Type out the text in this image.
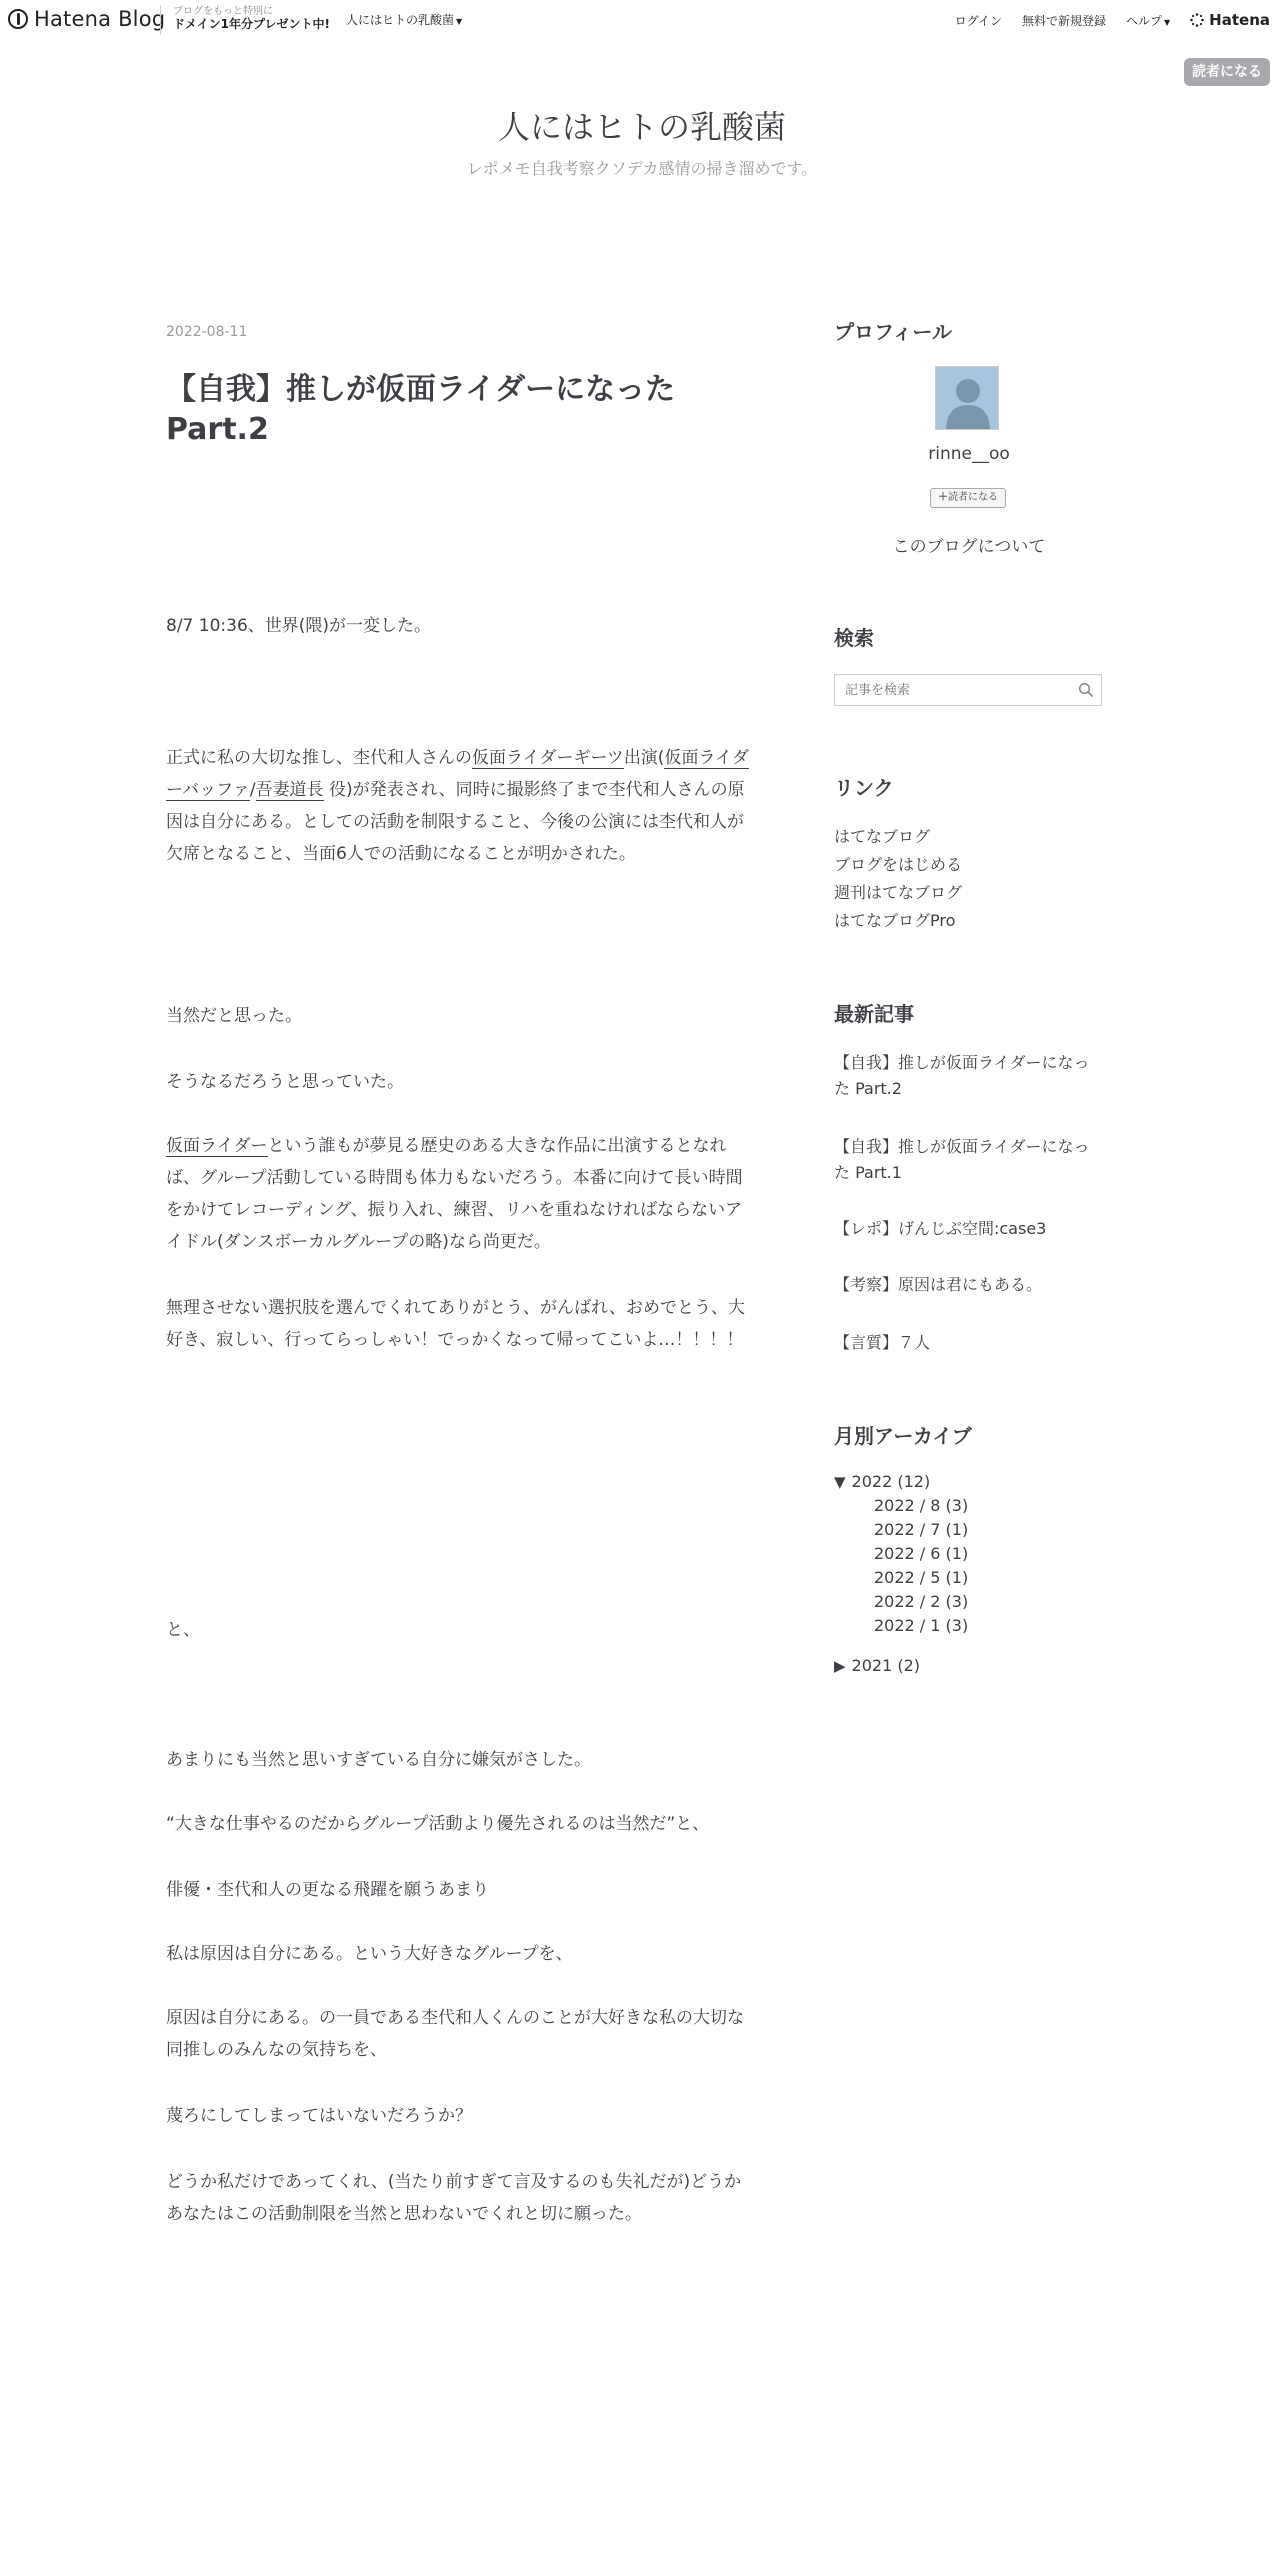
Hatena Blog ブログをもっと特別に
ドメイン1年分プレゼント中! 人にはヒトの乳酸菌 ▼	ログイン 無料で新規登録 ヘルプ ▼	Hatena
読者になる
人にはヒトの乳酸菌
レポメモ自我考察クソデカ感情の掃き溜めです。
2022-08-11
【自我】推しが仮面ライダーになったPart.2
8/7 10:36、世界(隈)が一変した。
正式に私の大切な推し、杢代和人さんの仮面ライダーギーツ出演(仮面ライダーバッファ/吾妻道長 役)が発表され、同時に撮影終了まで杢代和人さんの原因は自分にある。としての活動を制限すること、今後の公演には杢代和人が欠席となること、当面6人での活動になることが明かされた。
当然だと思った。
そうなるだろうと思っていた。
仮面ライダーという誰もが夢見る歴史のある大きな作品に出演するとなれば、グループ活動している時間も体力もないだろう。本番に向けて長い時間をかけてレコーディング、振り入れ、練習、リハを重ねなければならないアイドル(ダンスボーカルグループの略)なら尚更だ。
無理させない選択肢を選んでくれてありがとう、がんばれ、おめでとう、大好き、寂しい、行ってらっしゃい！でっかくなって帰ってこいよ…！！！！
と、
あまりにも当然と思いすぎている自分に嫌気がさした。
“大きな仕事やるのだからグループ活動より優先されるのは当然だ”と、
俳優・杢代和人の更なる飛躍を願うあまり
私は原因は自分にある。という大好きなグループを、
原因は自分にある。の一員である杢代和人くんのことが大好きな私の大切な同推しのみんなの気持ちを、
蔑ろにしてしまってはいないだろうか？
どうか私だけであってくれ、(当たり前すぎて言及するのも失礼だが)どうかあなたはこの活動制限を当然と思わないでくれと切に願った。
プロフィール
rinne__oo
＋読者になる
このブログについて
検索
記事を検索
リンク
はてなブログ
ブログをはじめる
週刊はてなブログ
はてなブログPro
最新記事
【自我】推しが仮面ライダーになった Part.2
【自我】推しが仮面ライダーになった Part.1
【レポ】げんじぶ空間:case3
【考察】原因は君にもある。
【言質】７人
月別アーカイブ
▼ 2022 (12)
2022 / 8 (3)
2022 / 7 (1)
2022 / 6 (1)
2022 / 5 (1)
2022 / 2 (3)
2022 / 1 (3)
▶ 2021 (2)
